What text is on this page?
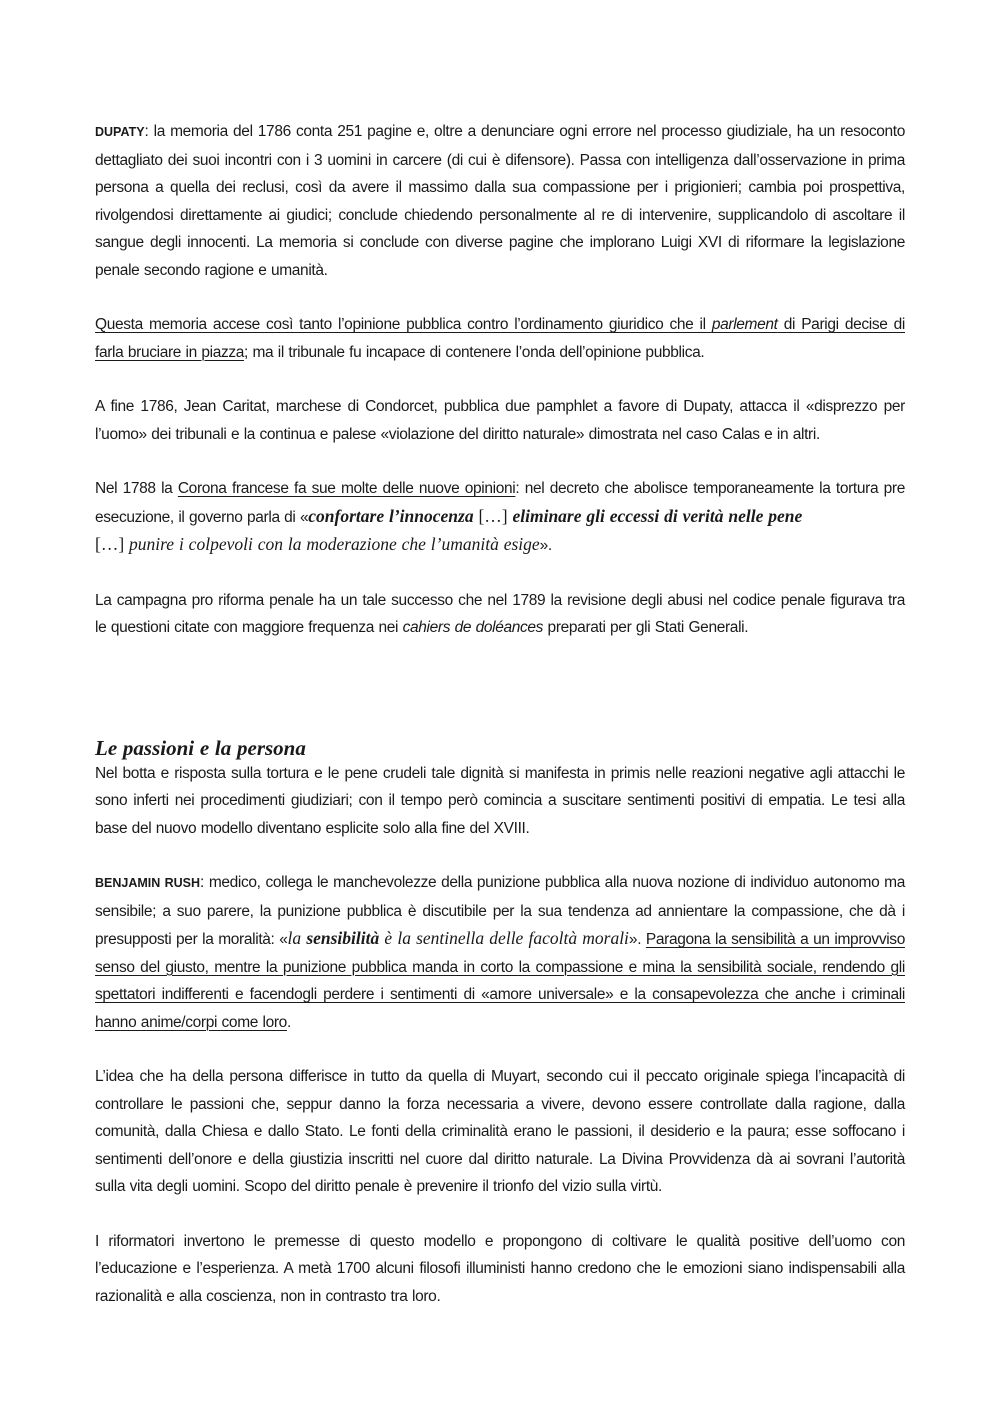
DUPATY: la memoria del 1786 conta 251 pagine e, oltre a denunciare ogni errore nel processo giudiziale, ha un resoconto dettagliato dei suoi incontri con i 3 uomini in carcere (di cui è difensore). Passa con intelligenza dall’osservazione in prima persona a quella dei reclusi, così da avere il massimo dalla sua compassione per i prigionieri; cambia poi prospettiva, rivolgendosi direttamente ai giudici; conclude chiedendo personalmente al re di intervenire, supplicandolo di ascoltare il sangue degli innocenti. La memoria si conclude con diverse pagine che implorano Luigi XVI di riformare la legislazione penale secondo ragione e umanità.

Questa memoria accese così tanto l’opinione pubblica contro l’ordinamento giuridico che il parlement di Parigi decise di farla bruciare in piazza; ma il tribunale fu incapace di contenere l’onda dell’opinione pubblica.

A fine 1786, Jean Caritat, marchese di Condorcet, pubblica due pamphlet a favore di Dupaty, attacca il «disprezzo per l’uomo» dei tribunali e la continua e palese «violazione del diritto naturale» dimostrata nel caso Calas e in altri.

Nel 1788 la Corona francese fa sue molte delle nuove opinioni: nel decreto che abolisce temporaneamente la tortura pre esecuzione, il governo parla di «confortare l’innocenza […] eliminare gli eccessi di verità nelle pene
[…] punire i colpevoli con la moderazione che l’umanità esige».

La campagna pro riforma penale ha un tale successo che nel 1789 la revisione degli abusi nel codice penale figurava tra le questioni citate con maggiore frequenza nei cahiers de doléances preparati per gli Stati Generali.

Le passioni e la persona

Nel botta e risposta sulla tortura e le pene crudeli tale dignità si manifesta in primis nelle reazioni negative agli attacchi le sono inferti nei procedimenti giudiziari; con il tempo però comincia a suscitare sentimenti positivi di empatia. Le tesi alla base del nuovo modello diventano esplicite solo alla fine del XVIII.

BENJAMIN RUSH: medico, collega le manchevolezze della punizione pubblica alla nuova nozione di individuo autonomo ma sensibile; a suo parere, la punizione pubblica è discutibile per la sua tendenza ad annientare la compassione, che dà i presupposti per la moralità: «la sensibilità è la sentinella delle facoltà morali». Paragona la sensibilità a un improvviso senso del giusto, mentre la punizione pubblica manda in corto la compassione e mina la sensibilità sociale, rendendo gli spettatori indifferenti e facendogli perdere i sentimenti di «amore universale» e la consapevolezza che anche i criminali hanno anime/corpi come loro.

L’idea che ha della persona differisce in tutto da quella di Muyart, secondo cui il peccato originale spiega l’incapacità di controllare le passioni che, seppur danno la forza necessaria a vivere, devono essere controllate dalla ragione, dalla comunità, dalla Chiesa e dallo Stato. Le fonti della criminalità erano le passioni, il desiderio e la paura; esse soffocano i sentimenti dell’onore e della giustizia inscritti nel cuore dal diritto naturale. La Divina Provvidenza dà ai sovrani l’autorità sulla vita degli uomini. Scopo del diritto penale è prevenire il trionfo del vizio sulla virtù.

I riformatori invertono le premesse di questo modello e propongono di coltivare le qualità positive dell’uomo con l’educazione e l’esperienza. A metà 1700 alcuni filosofi illuministi hanno credono che le emozioni siano indispensabili alla razionalità e alla coscienza, non in contrasto tra loro.
